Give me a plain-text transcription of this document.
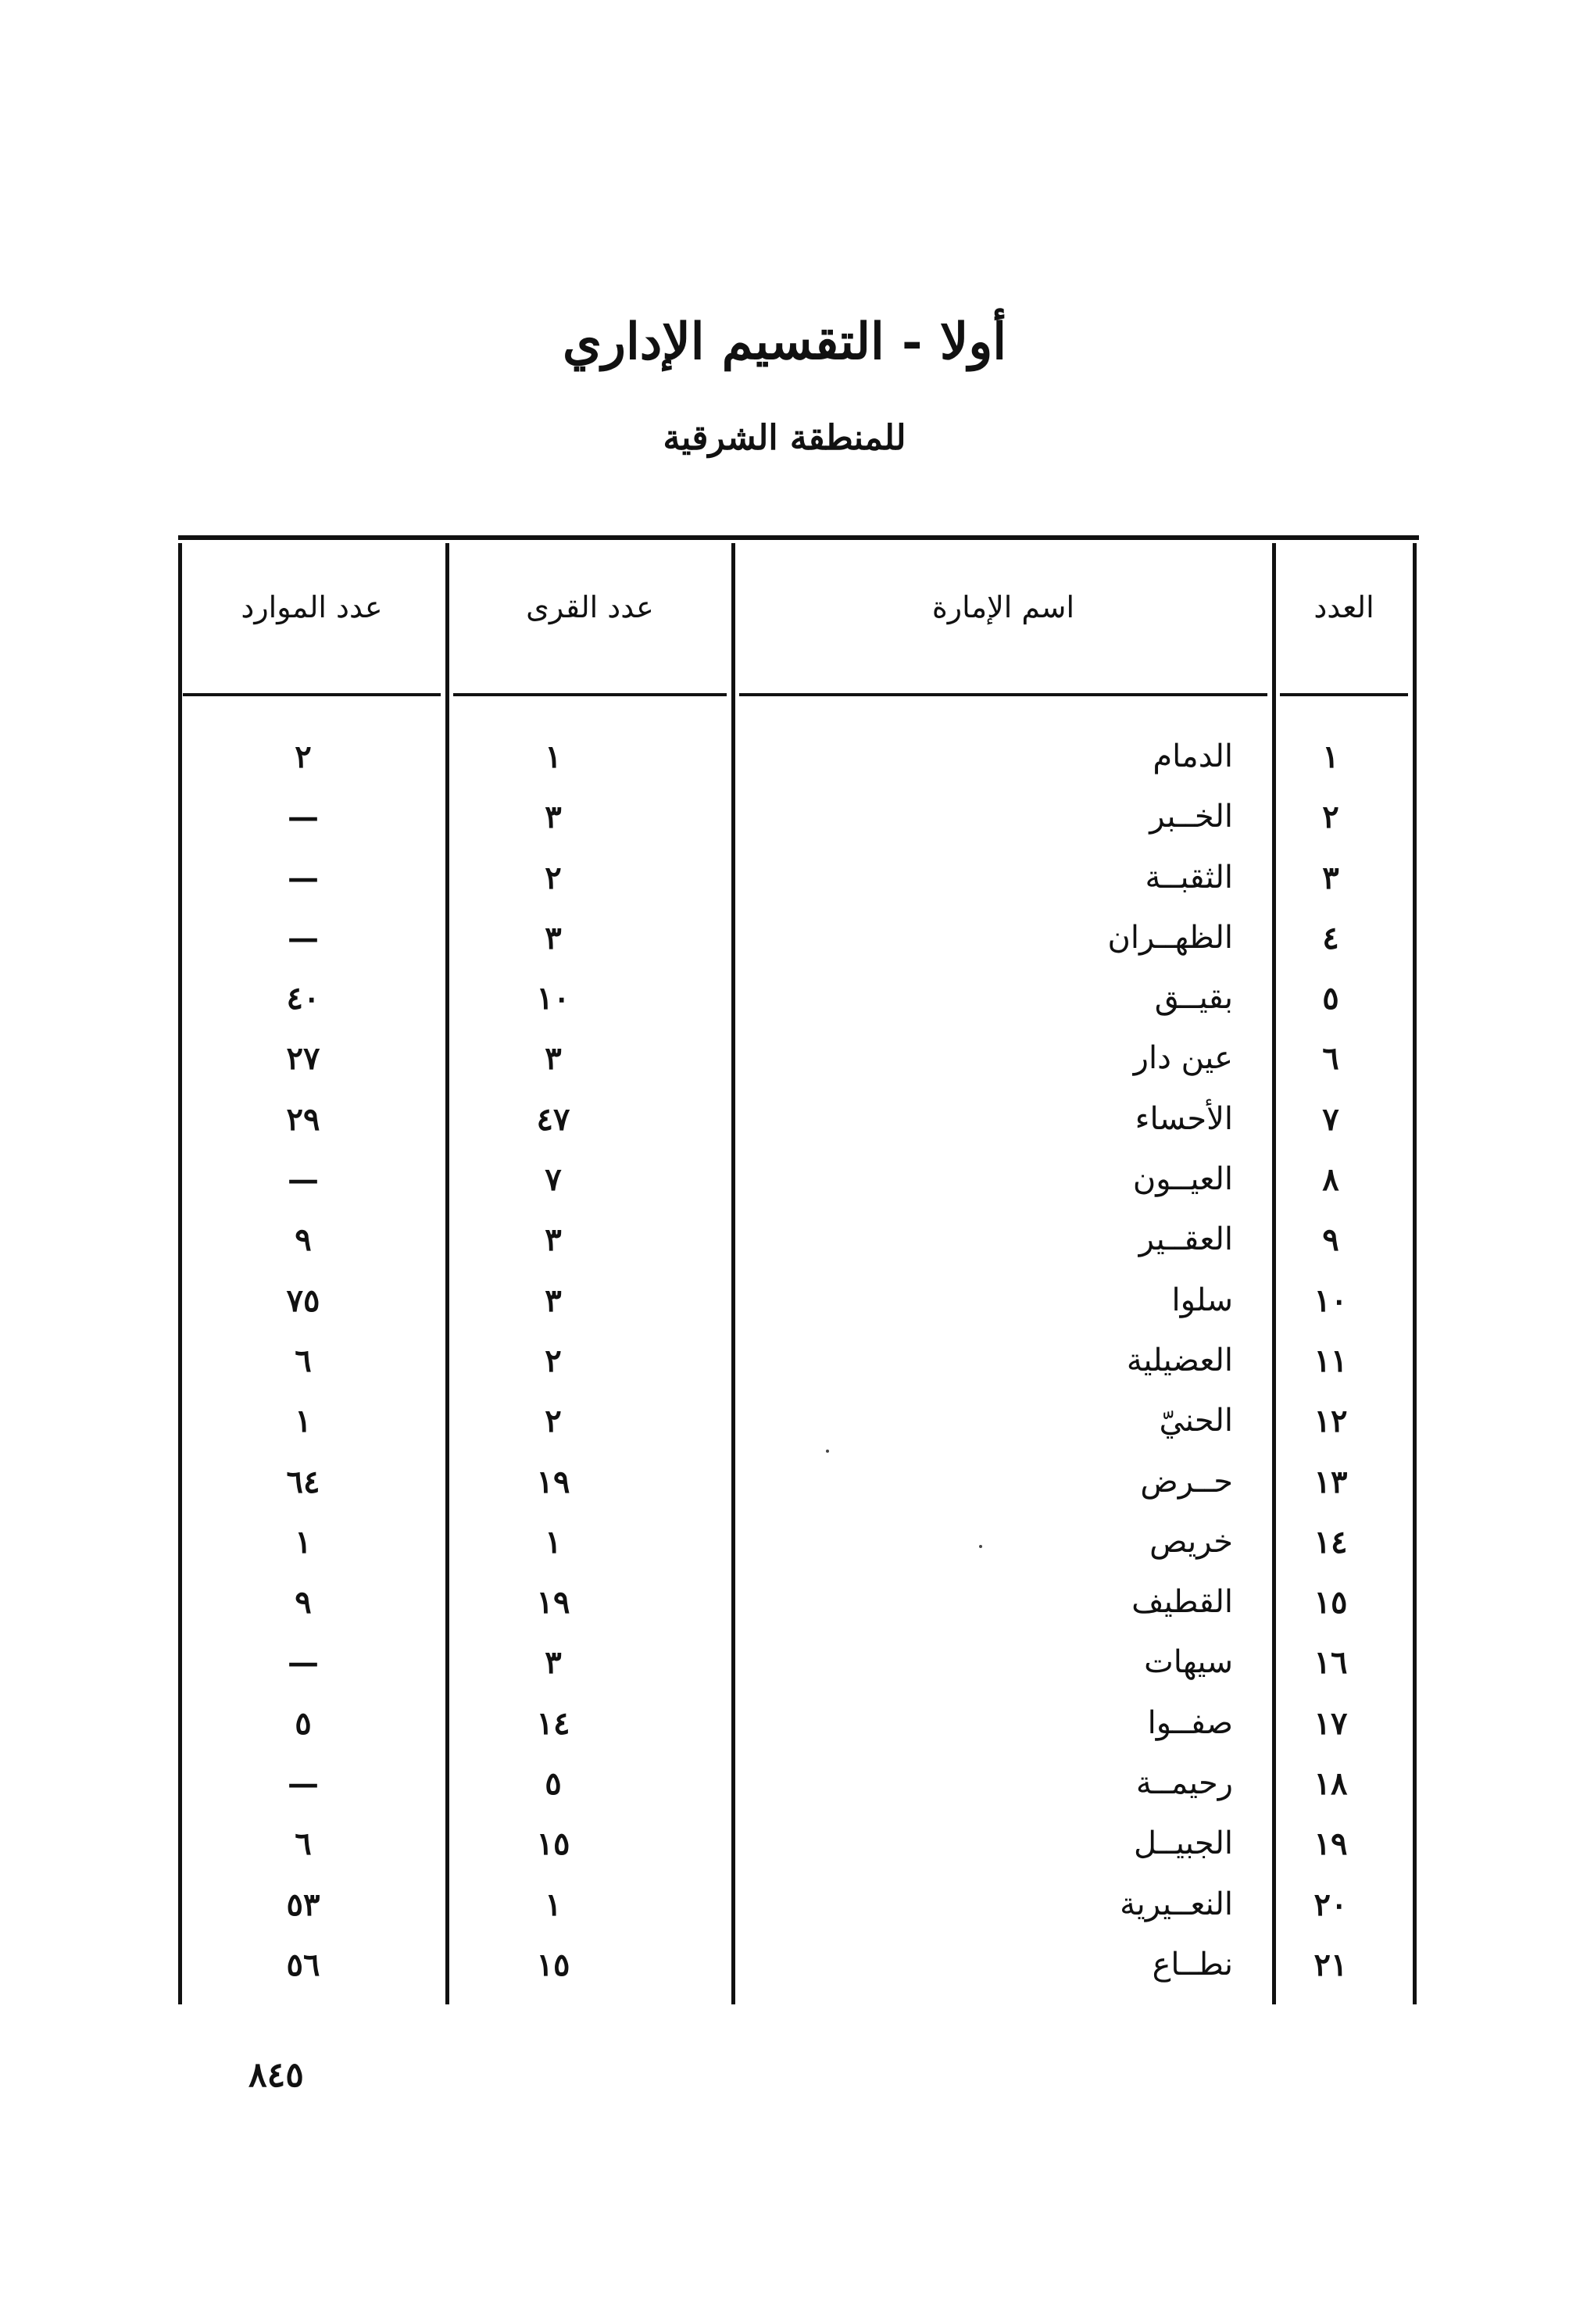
أولا - التقسيم الإداري
للمنطقة الشرقية
العدد
اسم الإمارة
عدد القرى
عدد الموارد
١
الدمام
١
٢
٢
الخــبر
٣
—
٣
الثقبــة
٢
—
٤
الظهــران
٣
—
٥
بقيــق
١٠
٤٠
٦
عين دار
٣
٢٧
٧
الأحساء
٤٧
٢٩
٨
العيــون
٧
—
٩
العقــير
٣
٩
١٠
سلوا
٣
٧٥
١١
العضيلية
٢
٦
١٢
الحنيّ
٢
١
١٣
حــرض
١٩
٦٤
١٤
خريص
١
١
١٥
القطيف
١٩
٩
١٦
سيهات
٣
—
١٧
صفــوا
١٤
٥
١٨
رحيمــة
٥
—
١٩
الجبيــل
١٥
٦
٢٠
النعــيرية
١
٥٣
٢١
نطــاع
١٥
٥٦
٨٤٥
